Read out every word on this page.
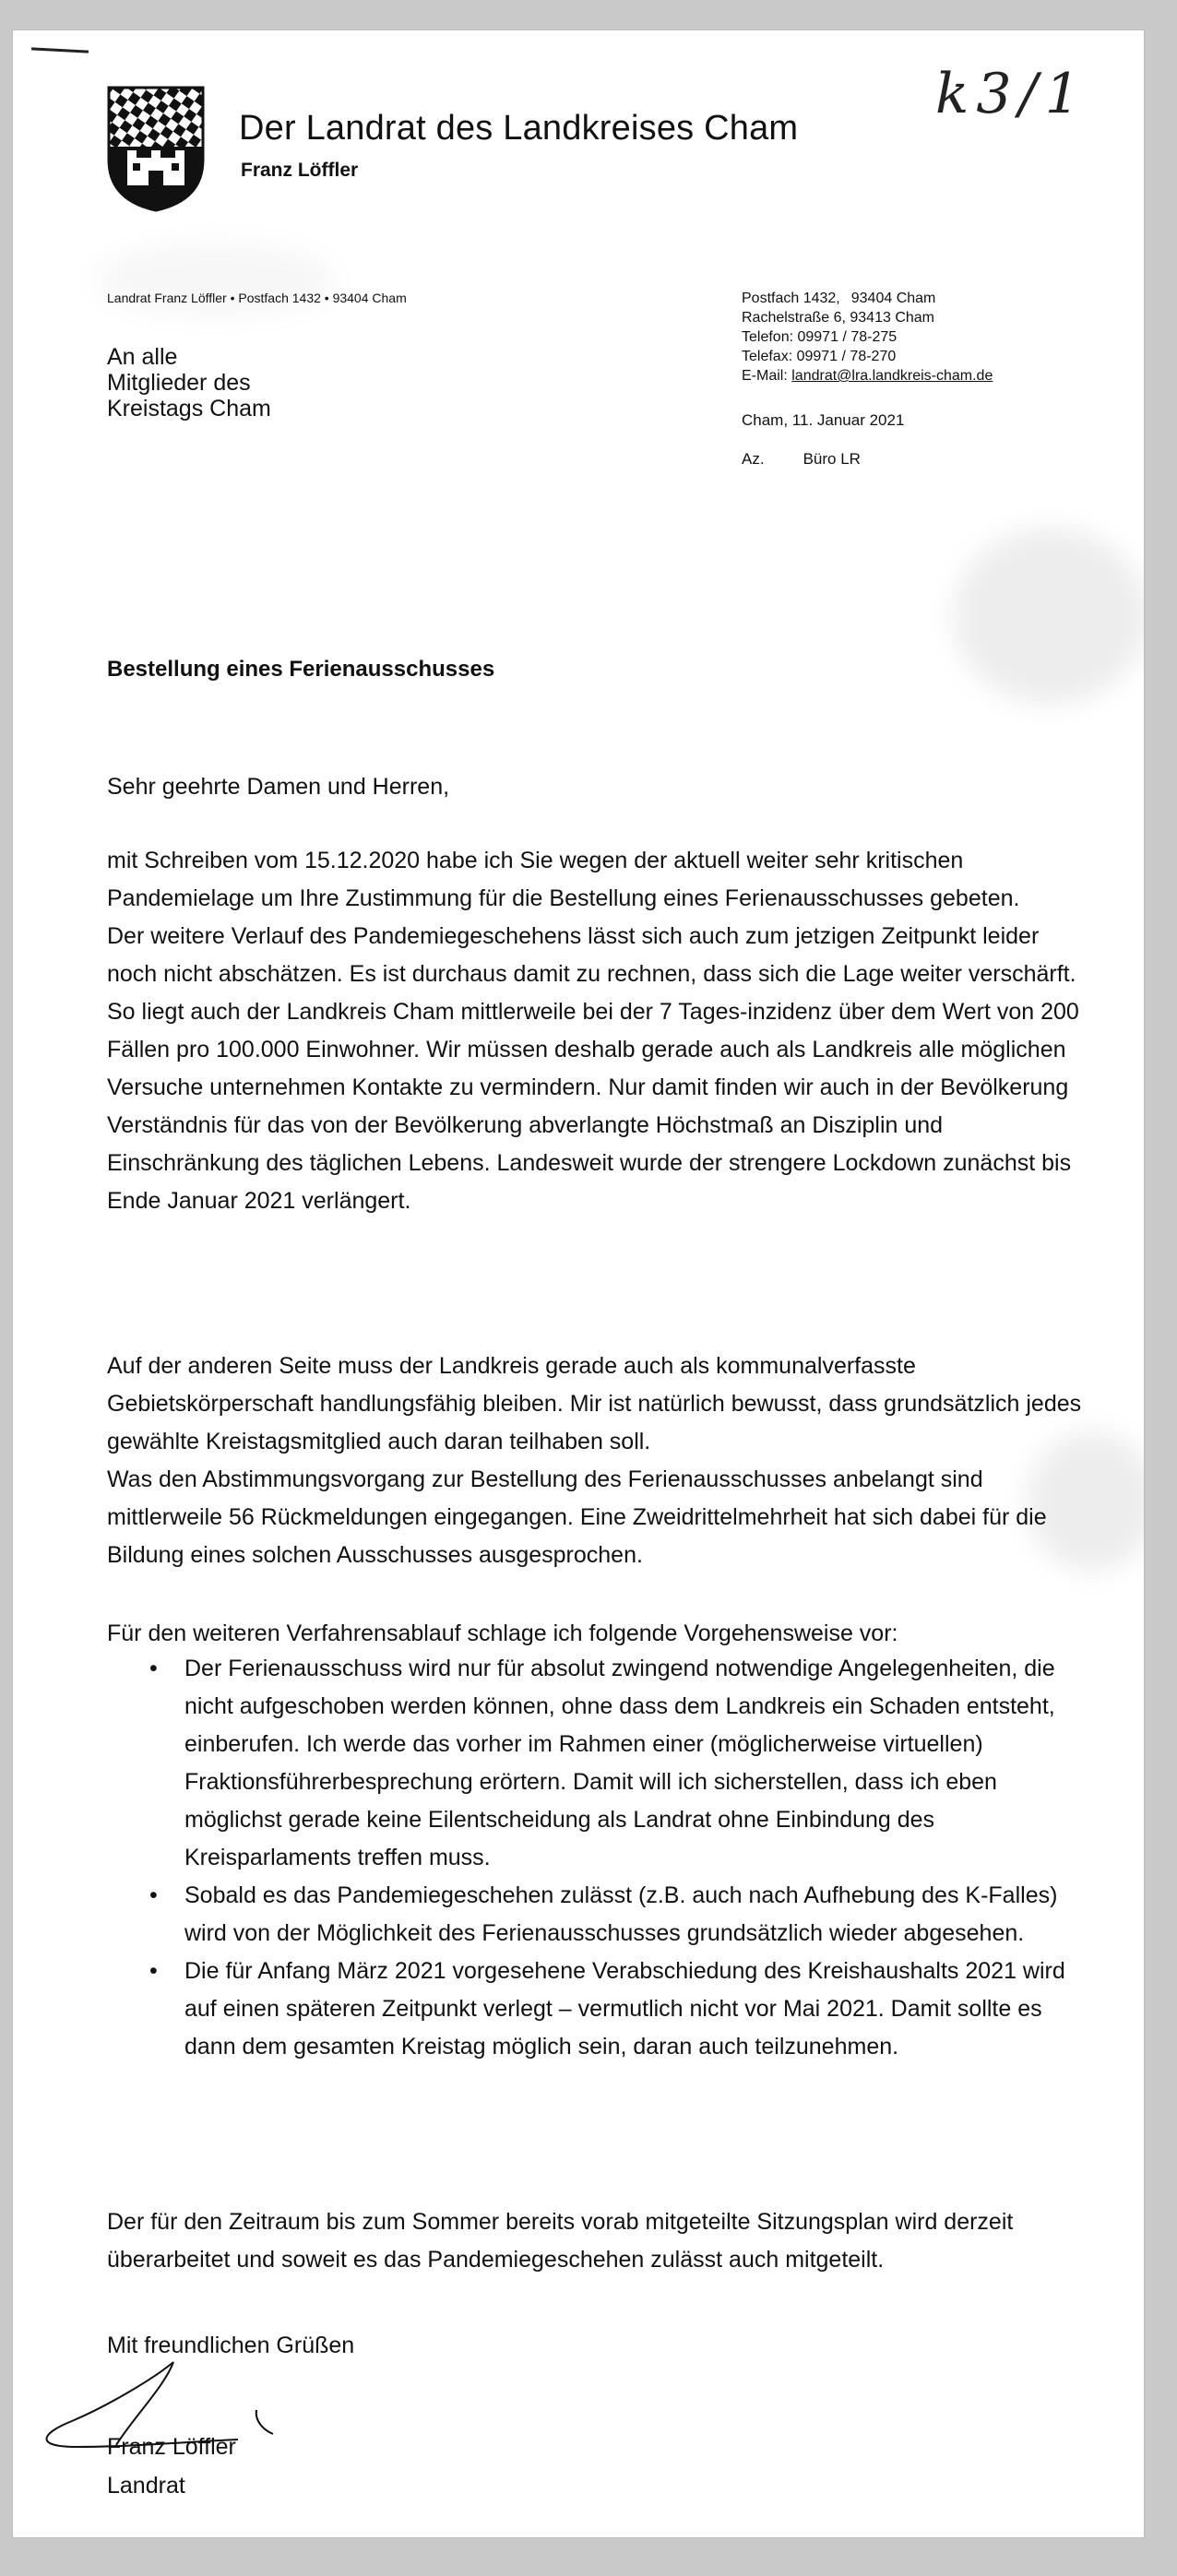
Der Landrat des Landkreises Cham
Franz Löffler
k3/1
Landrat Franz Löffler • Postfach 1432 • 93404 Cham
An alle
Mitglieder des
Kreistags Cham
Postfach 1432, 93404 Cham
Rachelstraße 6, 93413 Cham
Telefon: 09971 / 78-275
Telefax: 09971 / 78-270
E-Mail: landrat@lra.landkreis-cham.de
Cham, 11. Januar 2021
Az. Büro LR
Bestellung eines Ferienausschusses
Sehr geehrte Damen und Herren,
mit Schreiben vom 15.12.2020 habe ich Sie wegen der aktuell weiter sehr kritischen Pandemielage um Ihre Zustimmung für die Bestellung eines Ferienausschusses gebeten.
Der weitere Verlauf des Pandemiegeschehens lässt sich auch zum jetzigen Zeitpunkt leider noch nicht abschätzen. Es ist durchaus damit zu rechnen, dass sich die Lage weiter verschärft. So liegt auch der Landkreis Cham mittlerweile bei der 7 Tages-inzidenz über dem Wert von 200 Fällen pro 100.000 Einwohner. Wir müssen deshalb gerade auch als Landkreis alle möglichen Versuche unternehmen Kontakte zu vermindern. Nur damit finden wir auch in der Bevölkerung Verständnis für das von der Bevölkerung abverlangte Höchstmaß an Disziplin und Einschränkung des täglichen Lebens. Landesweit wurde der strengere Lockdown zunächst bis Ende Januar 2021 verlängert.
Auf der anderen Seite muss der Landkreis gerade auch als kommunalverfasste Gebietskörperschaft handlungsfähig bleiben. Mir ist natürlich bewusst, dass grundsätzlich jedes gewählte Kreistagsmitglied auch daran teilhaben soll.
Was den Abstimmungsvorgang zur Bestellung des Ferienausschusses anbelangt sind mittlerweile 56 Rückmeldungen eingegangen. Eine Zweidrittelmehrheit hat sich dabei für die Bildung eines solchen Ausschusses ausgesprochen.
Für den weiteren Verfahrensablauf schlage ich folgende Vorgehensweise vor:
• Der Ferienausschuss wird nur für absolut zwingend notwendige Angelegenheiten, die nicht aufgeschoben werden können, ohne dass dem Landkreis ein Schaden entsteht, einberufen. Ich werde das vorher im Rahmen einer (möglicherweise virtuellen) Fraktionsführerbesprechung erörtern. Damit will ich sicherstellen, dass ich eben möglichst gerade keine Eilentscheidung als Landrat ohne Einbindung des Kreisparlaments treffen muss.
• Sobald es das Pandemiegeschehen zulässt (z.B. auch nach Aufhebung des K-Falles) wird von der Möglichkeit des Ferienausschusses grundsätzlich wieder abgesehen.
• Die für Anfang März 2021 vorgesehene Verabschiedung des Kreishaushalts 2021 wird auf einen späteren Zeitpunkt verlegt – vermutlich nicht vor Mai 2021. Damit sollte es dann dem gesamten Kreistag möglich sein, daran auch teilzunehmen.
Der für den Zeitraum bis zum Sommer bereits vorab mitgeteilte Sitzungsplan wird derzeit überarbeitet und soweit es das Pandemiegeschehen zulässt auch mitgeteilt.
Mit freundlichen Grüßen
Franz Löffler
Landrat
